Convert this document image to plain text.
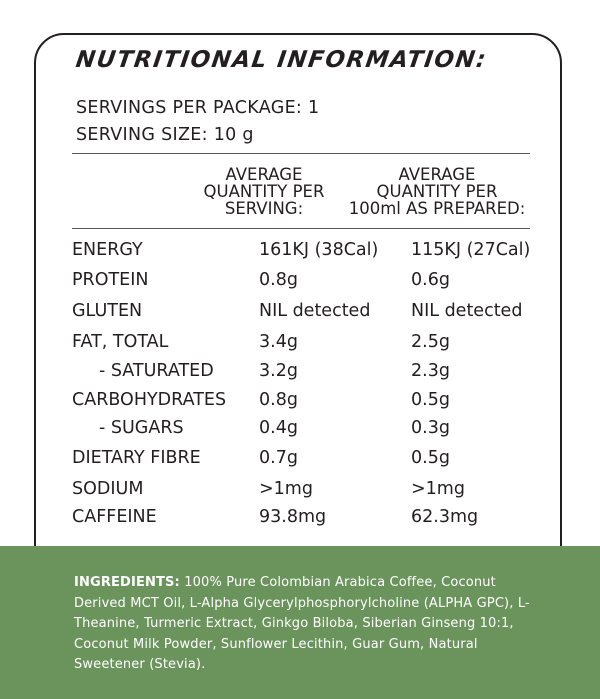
NUTRITIONAL INFORMATION:
SERVINGS PER PACKAGE: 1
SERVING SIZE: 10 g
AVERAGE
QUANTITY PER
SERVING:
AVERAGE
QUANTITY PER
100ml AS PREPARED:
ENERGY	161KJ (38Cal) 115KJ (27Cal)
PROTEIN	0.8g	0.6g
GLUTEN	NIL detected NIL detected
FAT, TOTAL	3.4g	2.5g
- SATURATED	3.2g	2.3g
CARBOHYDRATES 0.8g	0.5g
- SUGARS	0.4g	0.3g
DIETARY FIBRE	0.7g	0.5g
SODIUM	>1mg	>1mg
CAFFEINE	93.8mg	62.3mg

INGREDIENTS: 100% Pure Colombian Arabica Coffee, Coconut Derived MCT Oil, L-Alpha Glycerylphosphorylcholine (ALPHA GPC), L-Theanine, Turmeric Extract, Ginkgo Biloba, Siberian Ginseng 10:1, Coconut Milk Powder, Sunflower Lecithin, Guar Gum, Natural Sweetener (Stevia).
